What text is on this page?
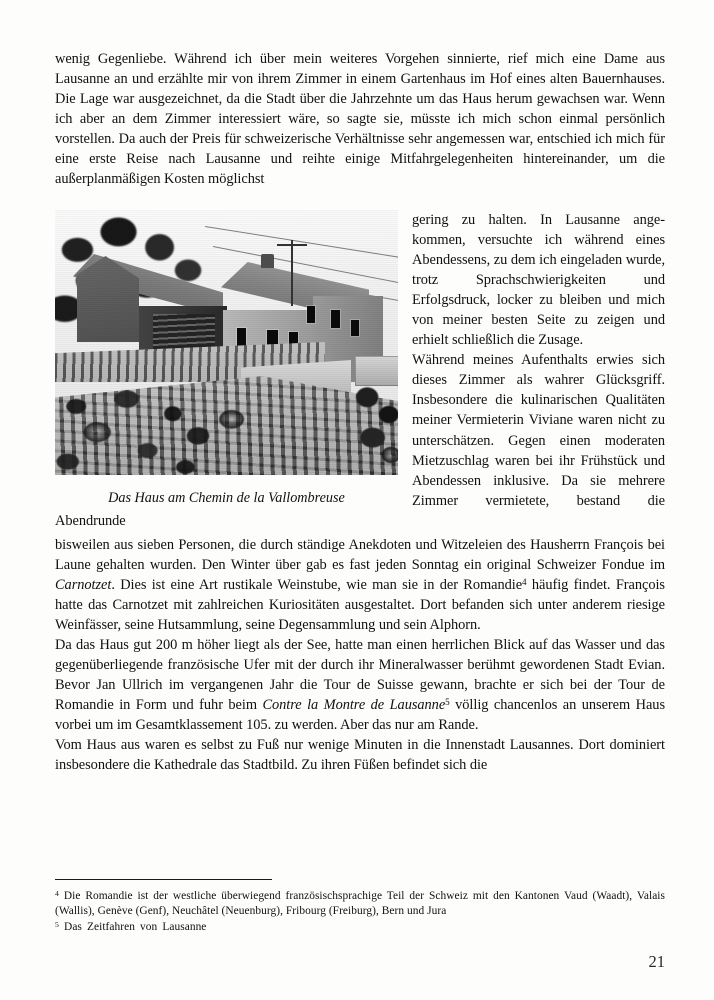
wenig Gegenliebe. Während ich über mein weiteres Vorgehen sinnierte, rief mich eine Dame aus Lausanne an und erzählte mir von ihrem Zimmer in einem Gartenhaus im Hof eines alten Bauernhauses. Die Lage war ausgezeichnet, da die Stadt über die Jahrzehnte um das Haus herum gewachsen war. Wenn ich aber an dem Zimmer interessiert wäre, so sagte sie, müsste ich mich schon einmal persönlich vorstellen. Da auch der Preis für schweizerische Verhältnisse sehr angemessen war, entschied ich mich für eine erste Reise nach Lausanne und reihte einige Mitfahrgelegenheiten hintereinander, um die außerplanmäßigen Kosten möglichst

Das Haus am Chemin de la Vallombreuse

gering zu halten. In Lausanne angekommen, versuchte ich während eines Abendessens, zu dem ich eingeladen wurde, trotz Sprachschwierigkeiten und Erfolgsdruck, locker zu bleiben und mich von meiner besten Seite zu zeigen und erhielt schließlich die Zusage.

Während meines Aufenthalts erwies sich dieses Zimmer als wahrer Glücksgriff. Insbesondere die kulinarischen Qualitäten meiner Vermieterin Viviane waren nicht zu unterschätzen. Gegen einen moderaten Mietzuschlag waren bei ihr Frühstück und Abendessen inklusive. Da sie mehrere Zimmer vermietete, bestand die Abendrunde

bisweilen aus sieben Personen, die durch ständige Anekdoten und Witzeleien des Hausherrn François bei Laune gehalten wurden. Den Winter über gab es fast jeden Sonntag ein original Schweizer Fondue im Carnotzet. Dies ist eine Art rustikale Weinstube, wie man sie in der Romandie$^4$ häufig findet. François hatte das Carnotzet mit zahlreichen Kuriositäten ausgestaltet. Dort befanden sich unter anderem riesige Weinfässer, seine Hutsammlung, seine Degensammlung und sein Alphorn.

Da das Haus gut 200 m höher liegt als der See, hatte man einen herrlichen Blick auf das Wasser und das gegenüberliegende französische Ufer mit der durch ihr Mineralwasser berühmt gewordenen Stadt Evian. Bevor Jan Ullrich im vergangenen Jahr die Tour de Suisse gewann, brachte er sich bei der Tour de Romandie in Form und fuhr beim Contre la Montre de Lausanne$^5$ völlig chancenlos an unserem Haus vorbei um im Gesamtklassement 105. zu werden. Aber das nur am Rande.

Vom Haus aus waren es selbst zu Fuß nur wenige Minuten in die Innenstadt Lausannes. Dort dominiert insbesondere die Kathedrale das Stadtbild. Zu ihren Füßen befindet sich die

$^4$ Die Romandie ist der westliche überwiegend französischsprachige Teil der Schweiz mit den Kantonen Vaud (Waadt), Valais (Wallis), Genève (Genf), Neuchâtel (Neuenburg), Fribourg (Freiburg), Bern und Jura

$^5$ Das Zeitfahren von Lausanne

21
